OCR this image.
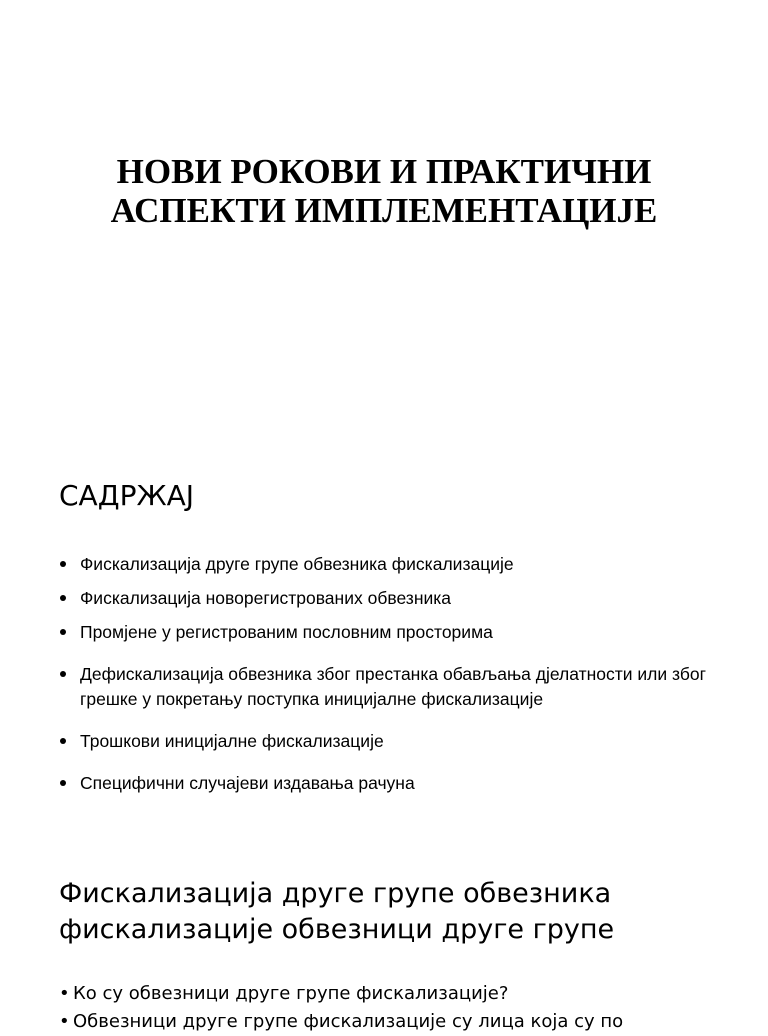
НОВИ РОКОВИ И ПРАКТИЧНИ
АСПЕКТИ ИМПЛЕМЕНТАЦИЈЕ
САДРЖАЈ
Фискализација друге групе обвезника фискализације
Фискализација новорегистрованих обвезника
Промјене у регистрованим пословним просторима
Дефискализација обвезника због престанка обављања дјелатности или због грешке у покретању поступка иницијалне фискализације
Трошкови иницијалне фискализације
Специфични случајеви издавања рачуна
Фискализација друге групе обвезника
фискализације обвезници друге групе
• Ко су обвезници друге групе фискализације?
• Обвезници друге групе фискализације су лица која су по
